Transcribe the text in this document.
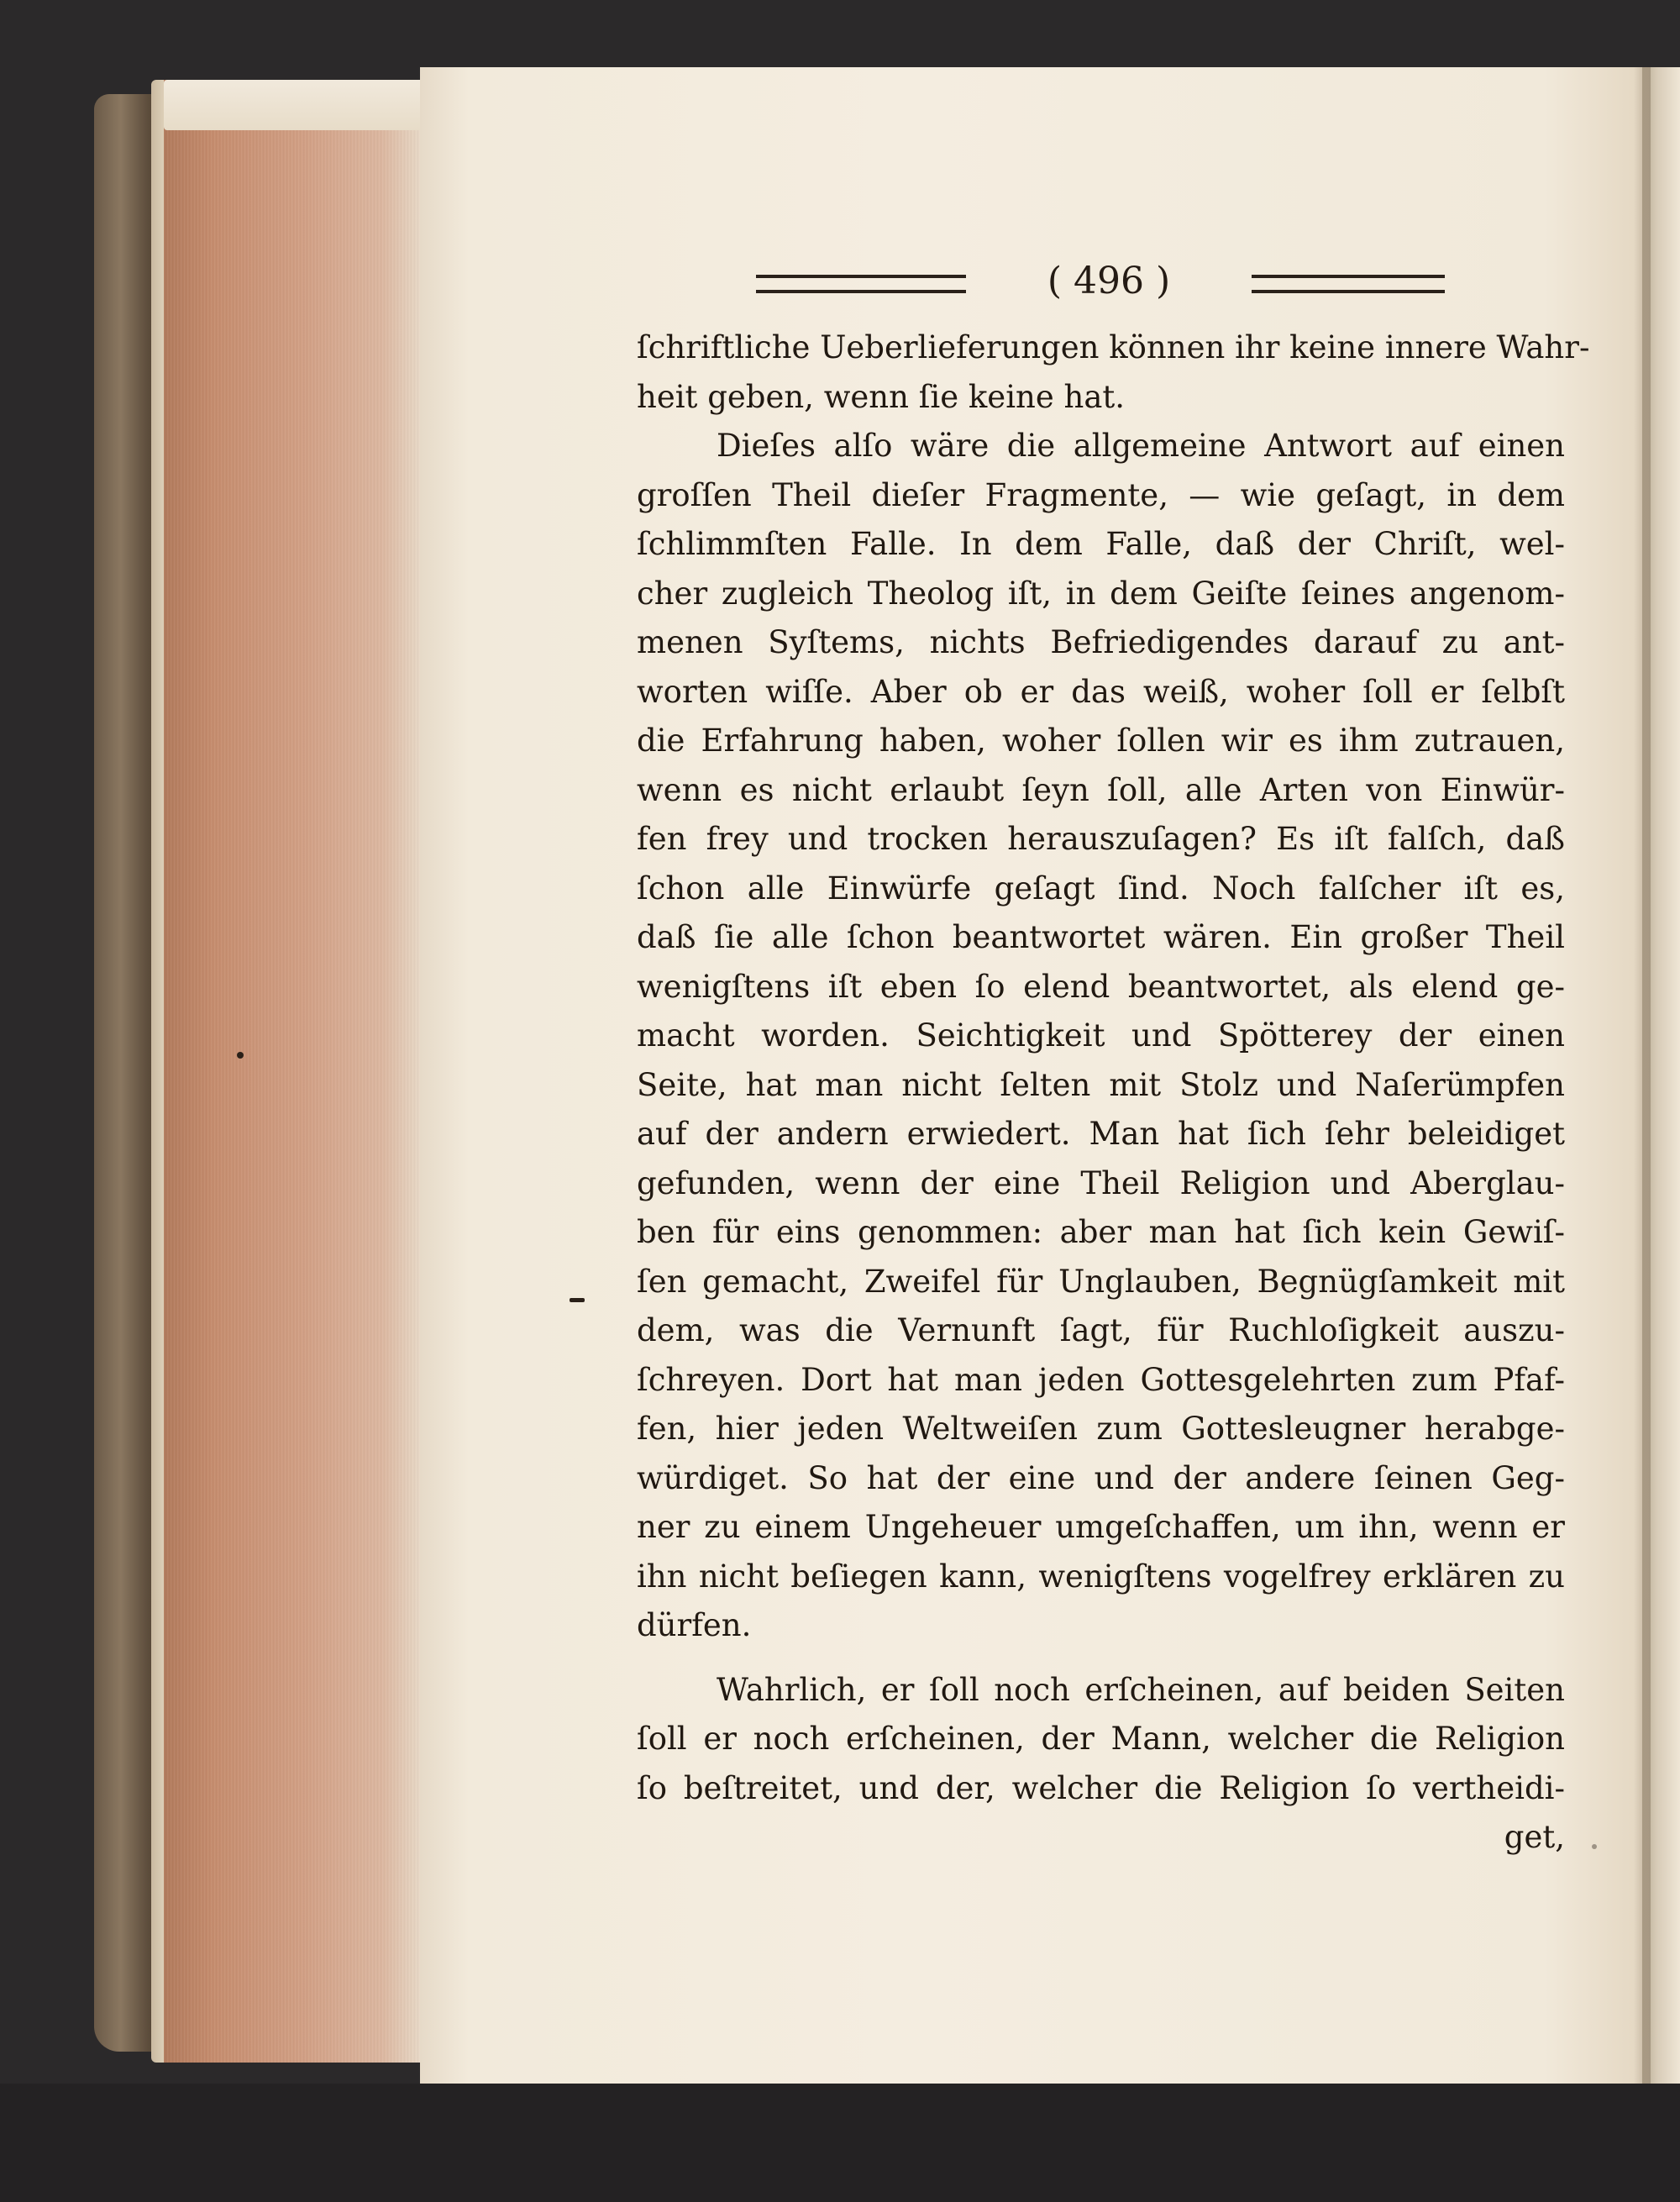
( 496 )
ſchriftliche Ueberlieferungen können ihr keine innere Wahr-
heit geben, wenn ſie keine hat.
Dieſes alſo wäre die allgemeine Antwort auf einen
groſſen Theil dieſer Fragmente, — wie geſagt, in dem
ſchlimmſten Falle. In dem Falle, daß der Chriſt, wel-
cher zugleich Theolog iſt, in dem Geiſte ſeines angenom-
menen Syſtems, nichts Befriedigendes darauf zu ant-
worten wiſſe. Aber ob er das weiß, woher ſoll er ſelbſt
die Erfahrung haben, woher ſollen wir es ihm zutrauen,
wenn es nicht erlaubt ſeyn ſoll, alle Arten von Einwür-
fen frey und trocken herauszuſagen? Es iſt falſch, daß
ſchon alle Einwürfe geſagt ſind. Noch falſcher iſt es,
daß ſie alle ſchon beantwortet wären. Ein großer Theil
wenigſtens iſt eben ſo elend beantwortet, als elend ge-
macht worden. Seichtigkeit und Spötterey der einen
Seite, hat man nicht ſelten mit Stolz und Naſerümpfen
auf der andern erwiedert. Man hat ſich ſehr beleidiget
gefunden, wenn der eine Theil Religion und Aberglau-
ben für eins genommen: aber man hat ſich kein Gewiſ-
ſen gemacht, Zweifel für Unglauben, Begnügſamkeit mit
dem, was die Vernunft ſagt, für Ruchloſigkeit auszu-
ſchreyen. Dort hat man jeden Gottesgelehrten zum Pfaf-
fen, hier jeden Weltweiſen zum Gottesleugner herabge-
würdiget. So hat der eine und der andere ſeinen Geg-
ner zu einem Ungeheuer umgeſchaffen, um ihn, wenn er
ihn nicht beſiegen kann, wenigſtens vogelfrey erklären zu
dürfen.
Wahrlich, er ſoll noch erſcheinen, auf beiden Seiten
ſoll er noch erſcheinen, der Mann, welcher die Religion
ſo beſtreitet, und der, welcher die Religion ſo vertheidi-
get,
